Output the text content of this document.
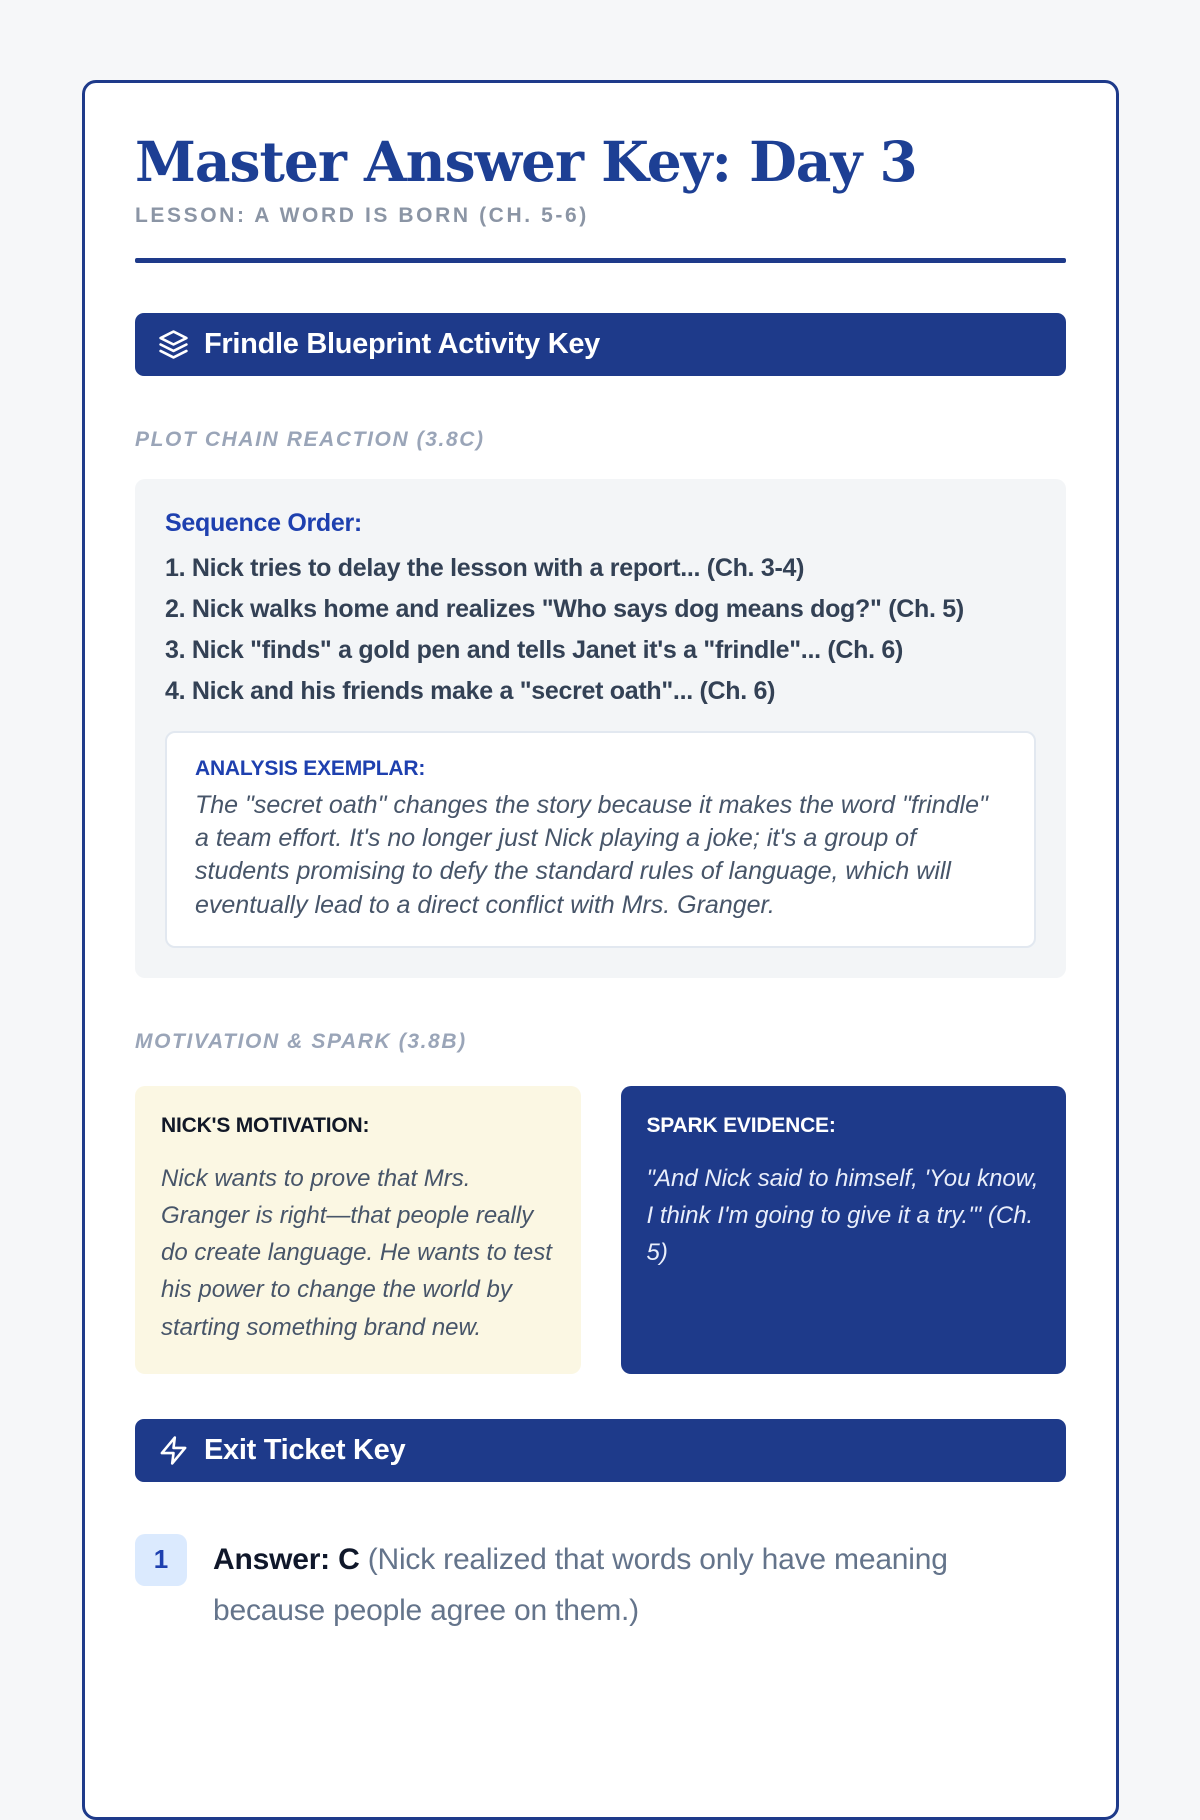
Master Answer Key: Day 3
LESSON: A WORD IS BORN (CH. 5-6)
Frindle Blueprint Activity Key
PLOT CHAIN REACTION (3.8C)
Sequence Order:
1. Nick tries to delay the lesson with a report... (Ch. 3-4)
2. Nick walks home and realizes "Who says dog means dog?" (Ch. 5)
3. Nick "finds" a gold pen and tells Janet it's a "frindle"... (Ch. 6)
4. Nick and his friends make a "secret oath"... (Ch. 6)
ANALYSIS EXEMPLAR:
The "secret oath" changes the story because it makes the word "frindle" a team effort. It's no longer just Nick playing a joke; it's a group of students promising to defy the standard rules of language, which will eventually lead to a direct conflict with Mrs. Granger.
MOTIVATION & SPARK (3.8B)
NICK'S MOTIVATION:
Nick wants to prove that Mrs. Granger is right—that people really do create language. He wants to test his power to change the world by starting something brand new.
SPARK EVIDENCE:
"And Nick said to himself, 'You know, I think I'm going to give it a try.'" (Ch. 5)
Exit Ticket Key
1	Answer: C (Nick realized that words only have meaning because people agree on them.)
